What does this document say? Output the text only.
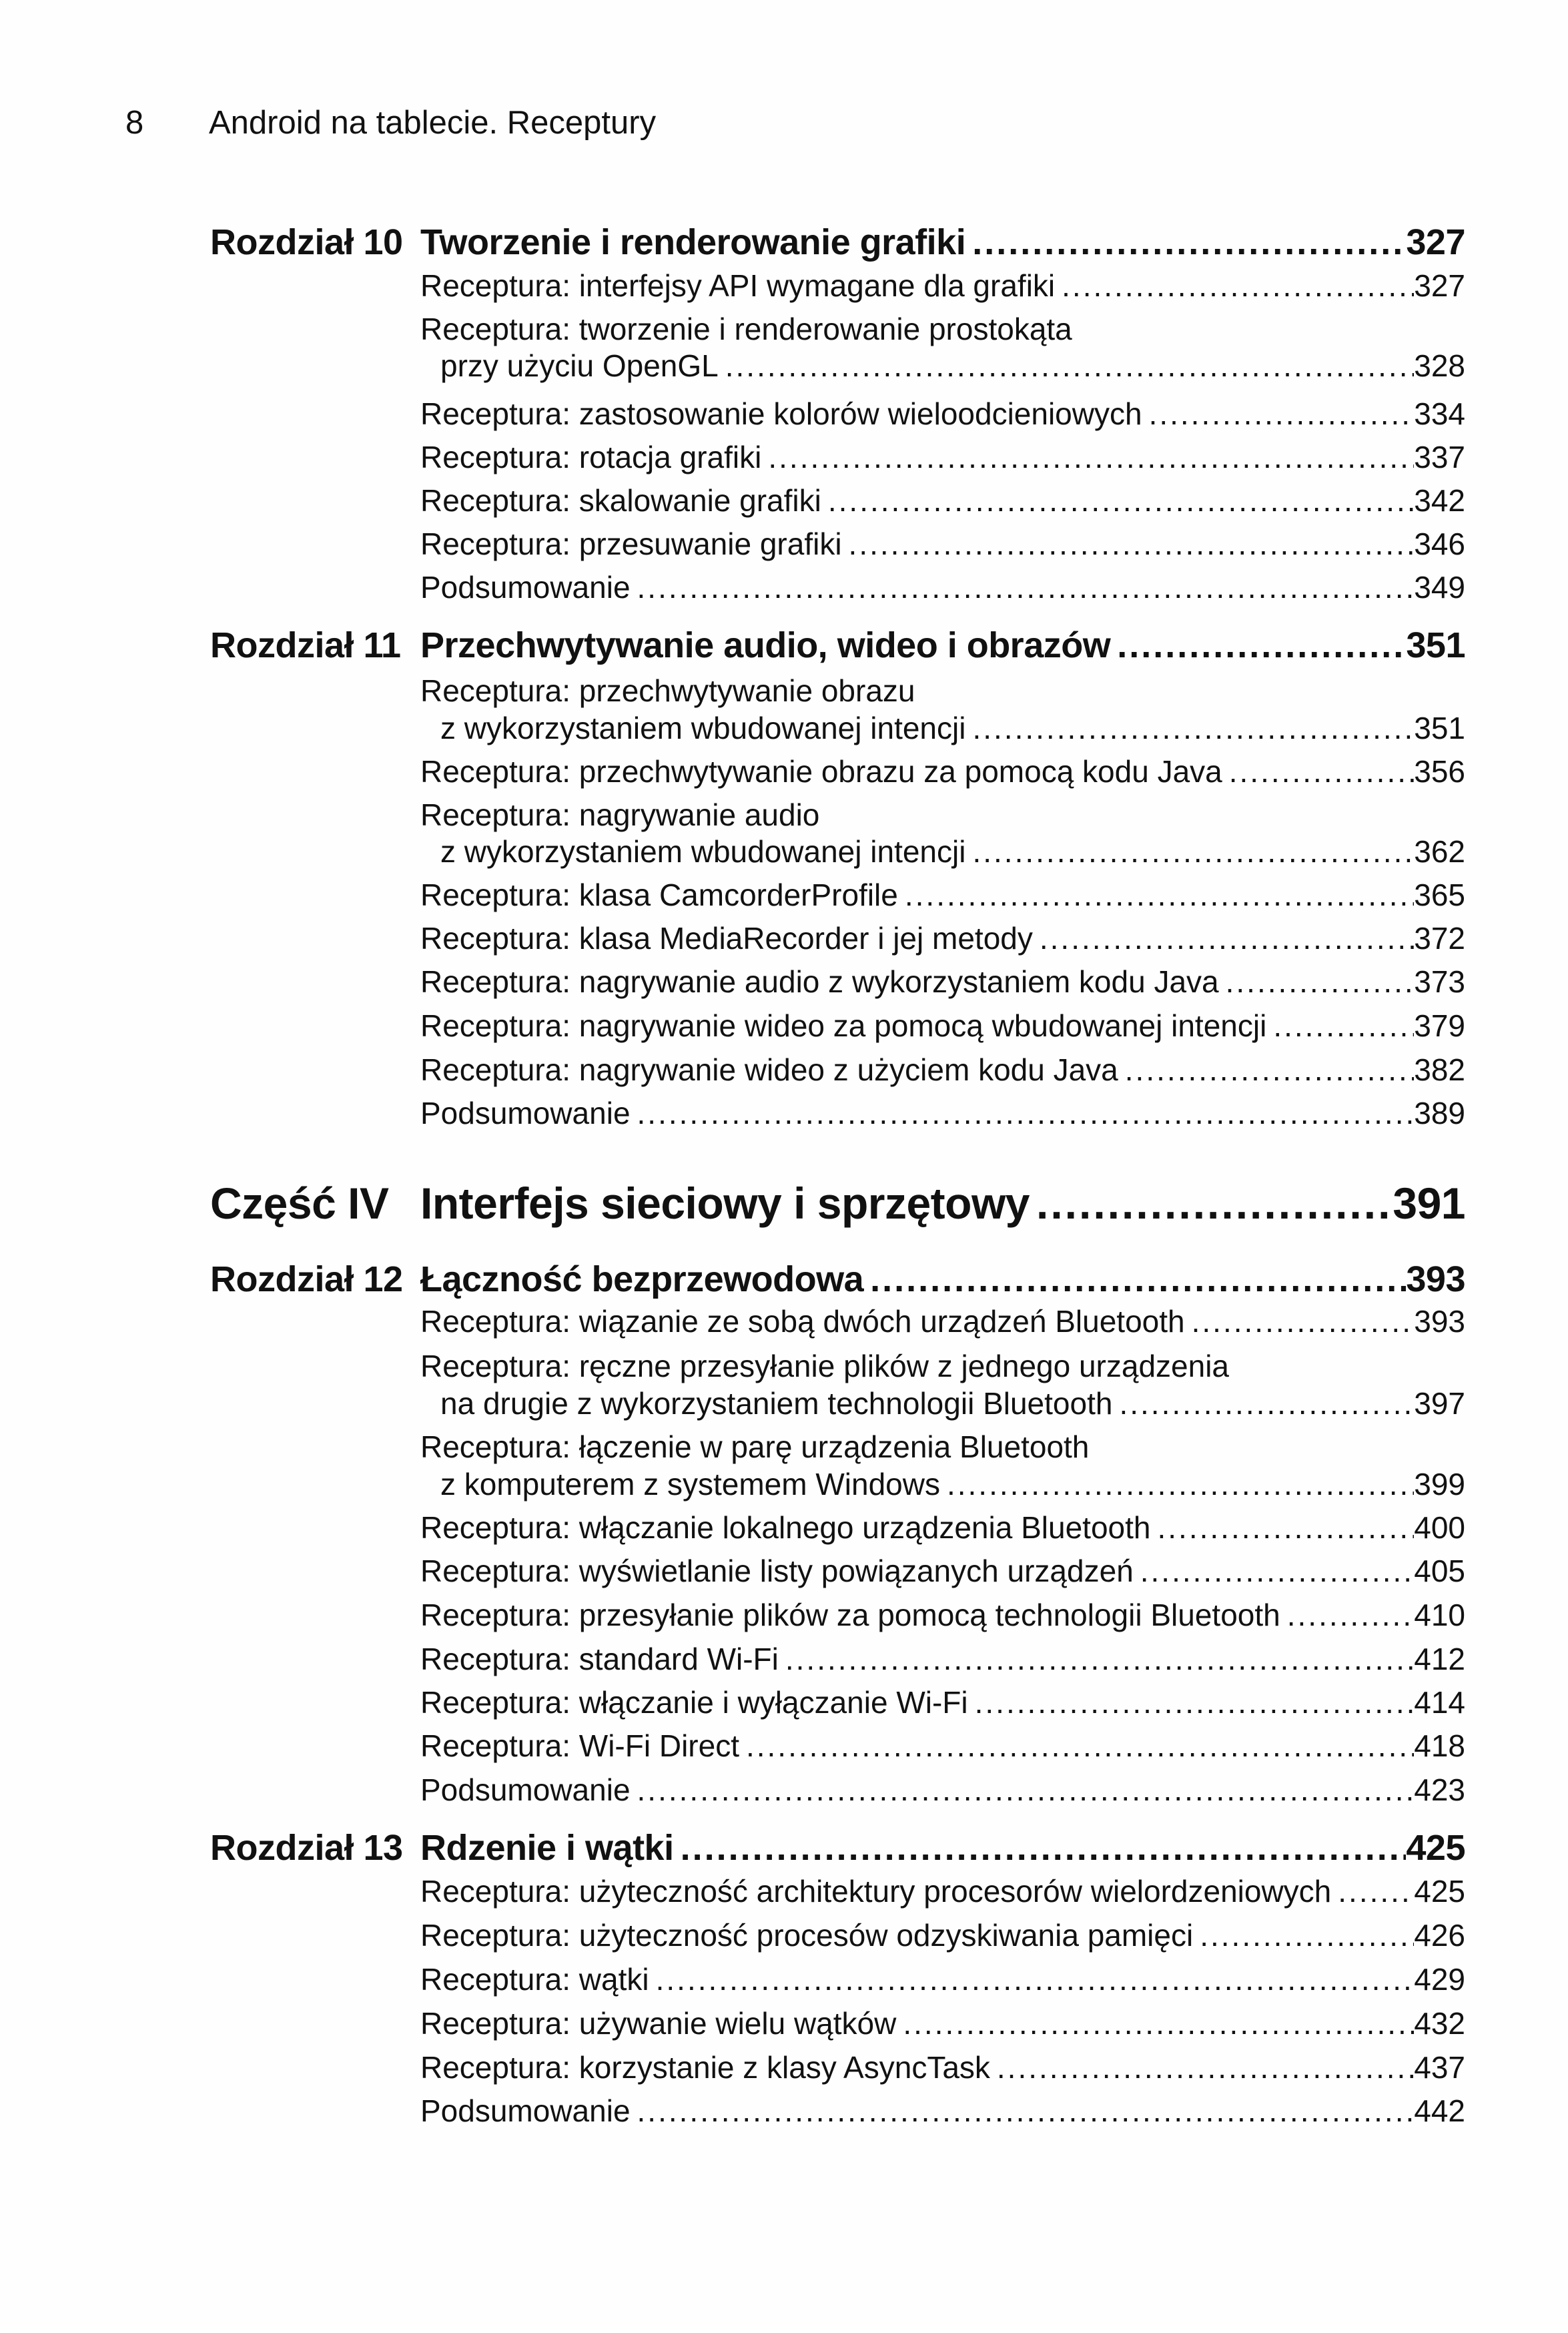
8 Android na tablecie. Receptury
Rozdział 10 Tworzenie i renderowanie grafiki .....	327
Receptura: interfejsy API wymagane dla grafiki .....	327
Receptura: tworzenie i renderowanie prostokąta
przy użyciu OpenGL .....	328
Receptura: zastosowanie kolorów wieloodcieniowych .....	334
Receptura: rotacja grafiki .....	337
Receptura: skalowanie grafiki .....	342
Receptura: przesuwanie grafiki .....	346
Podsumowanie .....	349
Rozdział 11 Przechwytywanie audio, wideo i obrazów .....	351
Receptura: przechwytywanie obrazu
z wykorzystaniem wbudowanej intencji .....	351
Receptura: przechwytywanie obrazu za pomocą kodu Java .....	356
Receptura: nagrywanie audio
z wykorzystaniem wbudowanej intencji .....	362
Receptura: klasa CamcorderProfile .....	365
Receptura: klasa MediaRecorder i jej metody .....	372
Receptura: nagrywanie audio z wykorzystaniem kodu Java .....	373
Receptura: nagrywanie wideo za pomocą wbudowanej intencji .....	379
Receptura: nagrywanie wideo z użyciem kodu Java .....	382
Podsumowanie .....	389
Część IV Interfejs sieciowy i sprzętowy .....	391
Rozdział 12 Łączność bezprzewodowa .....	393
Receptura: wiązanie ze sobą dwóch urządzeń Bluetooth .....	393
Receptura: ręczne przesyłanie plików z jednego urządzenia
na drugie z wykorzystaniem technologii Bluetooth .....	397
Receptura: łączenie w parę urządzenia Bluetooth
z komputerem z systemem Windows .....	399
Receptura: włączanie lokalnego urządzenia Bluetooth .....	400
Receptura: wyświetlanie listy powiązanych urządzeń .....	405
Receptura: przesyłanie plików za pomocą technologii Bluetooth .....	410
Receptura: standard Wi-Fi .....	412
Receptura: włączanie i wyłączanie Wi-Fi .....	414
Receptura: Wi-Fi Direct .....	418
Podsumowanie .....	423
Rozdział 13 Rdzenie i wątki .....	425
Receptura: użyteczność architektury procesorów wielordzeniowych .....	425
Receptura: użyteczność procesów odzyskiwania pamięci .....	426
Receptura: wątki .....	429
Receptura: używanie wielu wątków .....	432
Receptura: korzystanie z klasy AsyncTask .....	437
Podsumowanie .....	442
